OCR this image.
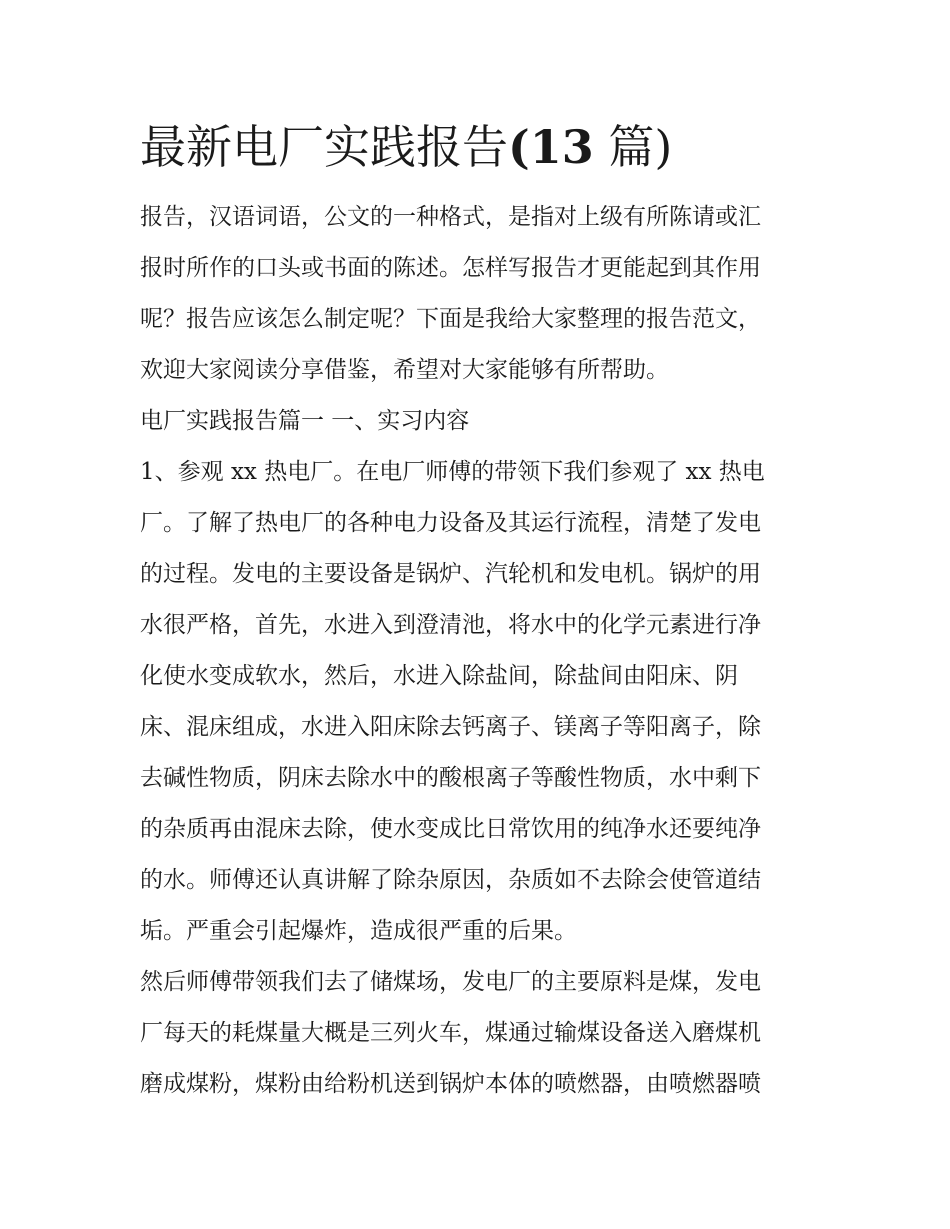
最新电厂实践报告(13 篇)

报告，汉语词语，公文的一种格式，是指对上级有所陈请或汇
报时所作的口头或书面的陈述。怎样写报告才更能起到其作用
呢？报告应该怎么制定呢？下面是我给大家整理的报告范文，
欢迎大家阅读分享借鉴，希望对大家能够有所帮助。

电厂实践报告篇一 一、实习内容

1、参观 xx 热电厂。在电厂师傅的带领下我们参观了 xx 热电
厂。了解了热电厂的各种电力设备及其运行流程，清楚了发电
的过程。发电的主要设备是锅炉、汽轮机和发电机。锅炉的用
水很严格，首先，水进入到澄清池，将水中的化学元素进行净
化使水变成软水，然后，水进入除盐间，除盐间由阳床、阴
床、混床组成，水进入阳床除去钙离子、镁离子等阳离子，除
去碱性物质，阴床去除水中的酸根离子等酸性物质，水中剩下
的杂质再由混床去除，使水变成比日常饮用的纯净水还要纯净
的水。师傅还认真讲解了除杂原因，杂质如不去除会使管道结
垢。严重会引起爆炸，造成很严重的后果。

然后师傅带领我们去了储煤场，发电厂的主要原料是煤，发电
厂每天的耗煤量大概是三列火车，煤通过输煤设备送入磨煤机
磨成煤粉，煤粉由给粉机送到锅炉本体的喷燃器，由喷燃器喷
